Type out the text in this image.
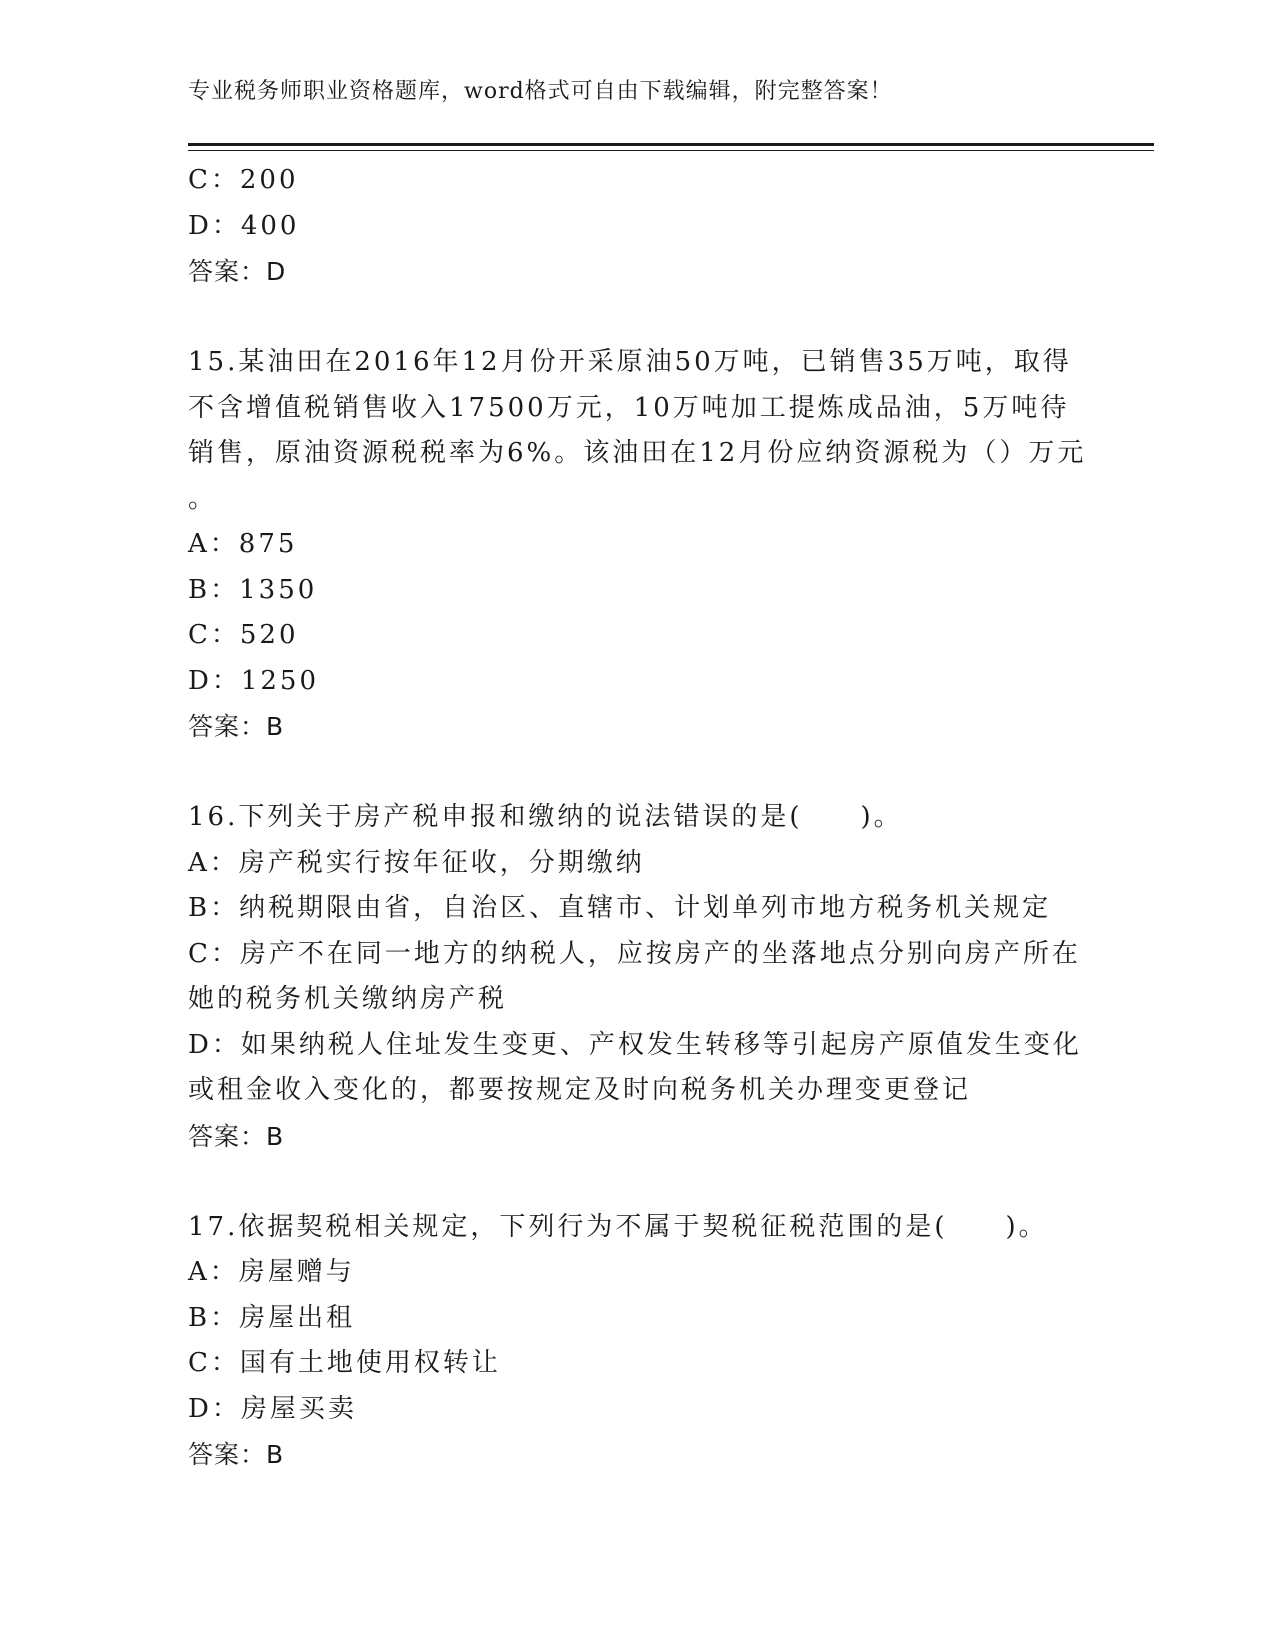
专业税务师职业资格题库，word格式可自由下载编辑，附完整答案！
C：200
D：400
答案：D
15.某油田在2016年12月份开采原油50万吨，已销售35万吨，取得
不含增值税销售收入17500万元，10万吨加工提炼成品油，5万吨待
销售，原油资源税税率为6%。该油田在12月份应纳资源税为（）万元
。
A：875
B：1350
C：520
D：1250
答案：B
16.下列关于房产税申报和缴纳的说法错误的是(　　)。
A：房产税实行按年征收，分期缴纳
B：纳税期限由省，自治区、直辖市、计划单列市地方税务机关规定
C：房产不在同一地方的纳税人，应按房产的坐落地点分别向房产所在
她的税务机关缴纳房产税
D：如果纳税人住址发生变更、产权发生转移等引起房产原值发生变化
或租金收入变化的，都要按规定及时向税务机关办理变更登记
答案：B
17.依据契税相关规定，下列行为不属于契税征税范围的是(　　)。
A：房屋赠与
B：房屋出租
C：国有土地使用权转让
D：房屋买卖
答案：B
